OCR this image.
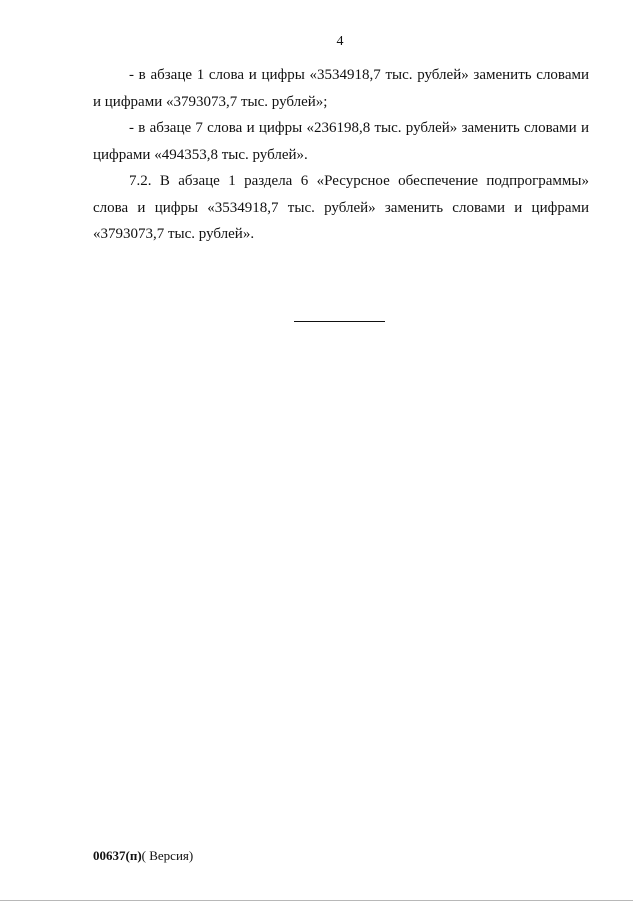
4

- в абзаце 1 слова и цифры «3534918,7 тыс. рублей» заменить словами и цифрами «3793073,7 тыс. рублей»;

- в абзаце 7 слова и цифры «236198,8 тыс. рублей» заменить словами и цифрами «494353,8 тыс. рублей».

7.2. В абзаце 1 раздела 6 «Ресурсное обеспечение подпрограммы» слова и цифры «3534918,7 тыс. рублей» заменить словами и цифрами «3793073,7 тыс. рублей».

00637(п)( Версия)
